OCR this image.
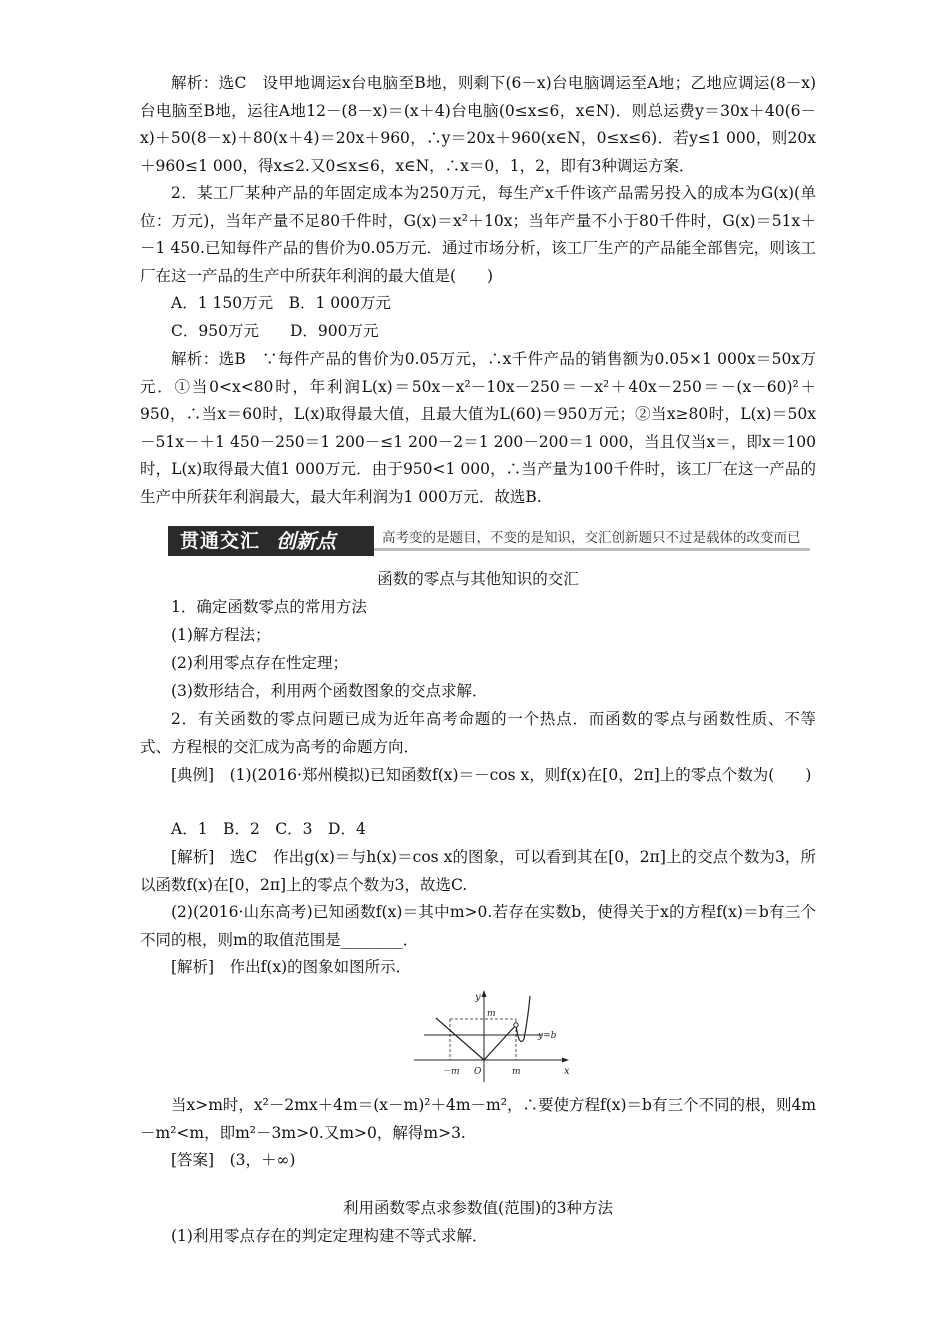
解析：选C　设甲地调运x台电脑至B地，则剩下(6－x)台电脑调运至A地；乙地应调运(8－x)台电脑至B地，运往A地12－(8－x)＝(x＋4)台电脑(0≤x≤6，x∈N)．则总运费y＝30x＋40(6－x)＋50(8－x)＋80(x＋4)＝20x＋960，∴y＝20x＋960(x∈N，0≤x≤6)．若y≤1 000，则20x＋960≤1 000，得x≤2.又0≤x≤6，x∈N，∴x＝0，1，2，即有3种调运方案．

2．某工厂某种产品的年固定成本为250万元，每生产x千件该产品需另投入的成本为G(x)(单位：万元)，当年产量不足80千件时，G(x)＝x²＋10x；当年产量不小于80千件时，G(x)＝51x＋－1 450.已知每件产品的售价为0.05万元．通过市场分析，该工厂生产的产品能全部售完，则该工厂在这一产品的生产中所获年利润的最大值是(　　)

A．1 150万元　B．1 000万元

C．950万元　　D．900万元

解析：选B　∵每件产品的售价为0.05万元，∴x千件产品的销售额为0.05×1 000x＝50x万元．①当0<x<80时，年利润L(x)＝50x－x²－10x－250＝－x²＋40x－250＝－(x－60)²＋950，∴当x＝60时，L(x)取得最大值，且最大值为L(60)＝950万元；②当x≥80时，L(x)＝50x－51x－＋1 450－250＝1 200－≤1 200－2＝1 200－200＝1 000，当且仅当x＝，即x＝100时，L(x)取得最大值1 000万元．由于950<1 000，∴当产量为100千件时，该工厂在这一产品的生产中所获年利润最大，最大年利润为1 000万元．故选B.

贯通交汇 创新点	高考变的是题目，不变的是知识，交汇创新题只不过是载体的改变而已

函数的零点与其他知识的交汇

1．确定函数零点的常用方法

(1)解方程法；

(2)利用零点存在性定理；

(3)数形结合，利用两个函数图象的交点求解．

2．有关函数的零点问题已成为近年高考命题的一个热点．而函数的零点与函数性质、不等式、方程根的交汇成为高考的命题方向．

[典例]　(1)(2016·郑州模拟)已知函数f(x)＝－cos x，则f(x)在[0，2π]上的零点个数为(　　)

A．1　B．2　C．3　D．4

[解析]　选C　作出g(x)＝与h(x)＝cos x的图象，可以看到其在[0，2π]上的交点个数为3，所以函数f(x)在[0，2π]上的零点个数为3，故选C.

(2)(2016·山东高考)已知函数f(x)＝其中m>0.若存在实数b，使得关于x的方程f(x)＝b有三个不同的根，则m的取值范围是________．

[解析]　作出f(x)的图象如图所示．

y
x
m
y=b
－m O	m

当x>m时，x²－2mx＋4m＝(x－m)²＋4m－m²，∴要使方程f(x)＝b有三个不同的根，则4m－m²<m，即m²－3m>0.又m>0，解得m>3.

[答案]　(3，＋∞)

利用函数零点求参数值(范围)的3种方法

(1)利用零点存在的判定定理构建不等式求解．
